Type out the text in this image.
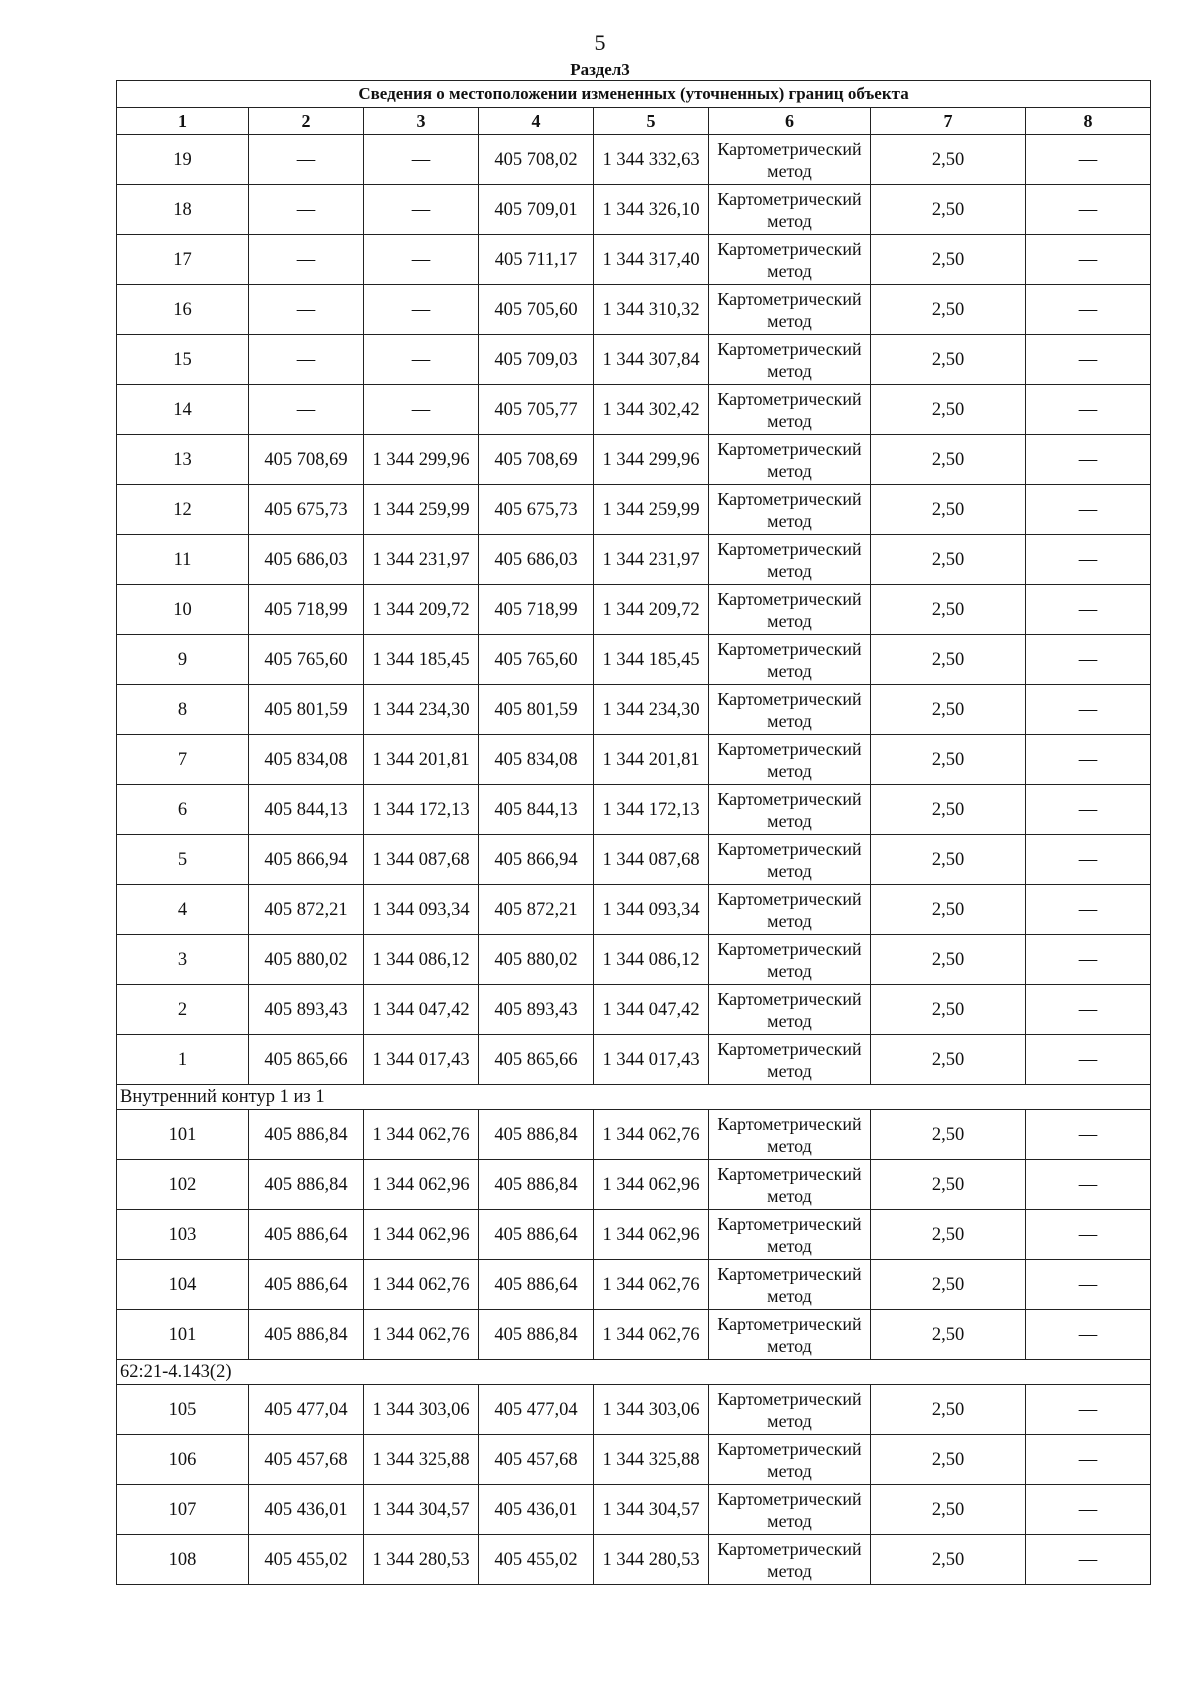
5
Раздел3
Сведения о местоположении измененных (уточненных) границ объекта							
1	2	3	4	5	6	7	8
19	—	—	405 708,02	1 344 332,63	Картометрический метод	2,50	—
18	—	—	405 709,01	1 344 326,10	Картометрический метод	2,50	—
17	—	—	405 711,17	1 344 317,40	Картометрический метод	2,50	—
16	—	—	405 705,60	1 344 310,32	Картометрический метод	2,50	—
15	—	—	405 709,03	1 344 307,84	Картометрический метод	2,50	—
14	—	—	405 705,77	1 344 302,42	Картометрический метод	2,50	—
13	405 708,69	1 344 299,96	405 708,69	1 344 299,96	Картометрический метод	2,50	—
12	405 675,73	1 344 259,99	405 675,73	1 344 259,99	Картометрический метод	2,50	—
11	405 686,03	1 344 231,97	405 686,03	1 344 231,97	Картометрический метод	2,50	—
10	405 718,99	1 344 209,72	405 718,99	1 344 209,72	Картометрический метод	2,50	—
9	405 765,60	1 344 185,45	405 765,60	1 344 185,45	Картометрический метод	2,50	—
8	405 801,59	1 344 234,30	405 801,59	1 344 234,30	Картометрический метод	2,50	—
7	405 834,08	1 344 201,81	405 834,08	1 344 201,81	Картометрический метод	2,50	—
6	405 844,13	1 344 172,13	405 844,13	1 344 172,13	Картометрический метод	2,50	—
5	405 866,94	1 344 087,68	405 866,94	1 344 087,68	Картометрический метод	2,50	—
4	405 872,21	1 344 093,34	405 872,21	1 344 093,34	Картометрический метод	2,50	—
3	405 880,02	1 344 086,12	405 880,02	1 344 086,12	Картометрический метод	2,50	—
2	405 893,43	1 344 047,42	405 893,43	1 344 047,42	Картометрический метод	2,50	—
1	405 865,66	1 344 017,43	405 865,66	1 344 017,43	Картометрический метод	2,50	—
Внутренний контур 1 из 1							
101	405 886,84	1 344 062,76	405 886,84	1 344 062,76	Картометрический метод	2,50	—
102	405 886,84	1 344 062,96	405 886,84	1 344 062,96	Картометрический метод	2,50	—
103	405 886,64	1 344 062,96	405 886,64	1 344 062,96	Картометрический метод	2,50	—
104	405 886,64	1 344 062,76	405 886,64	1 344 062,76	Картометрический метод	2,50	—
101	405 886,84	1 344 062,76	405 886,84	1 344 062,76	Картометрический метод	2,50	—
62:21-4.143(2)							
105	405 477,04	1 344 303,06	405 477,04	1 344 303,06	Картометрический метод	2,50	—
106	405 457,68	1 344 325,88	405 457,68	1 344 325,88	Картометрический метод	2,50	—
107	405 436,01	1 344 304,57	405 436,01	1 344 304,57	Картометрический метод	2,50	—
108	405 455,02	1 344 280,53	405 455,02	1 344 280,53	Картометрический метод	2,50	—
